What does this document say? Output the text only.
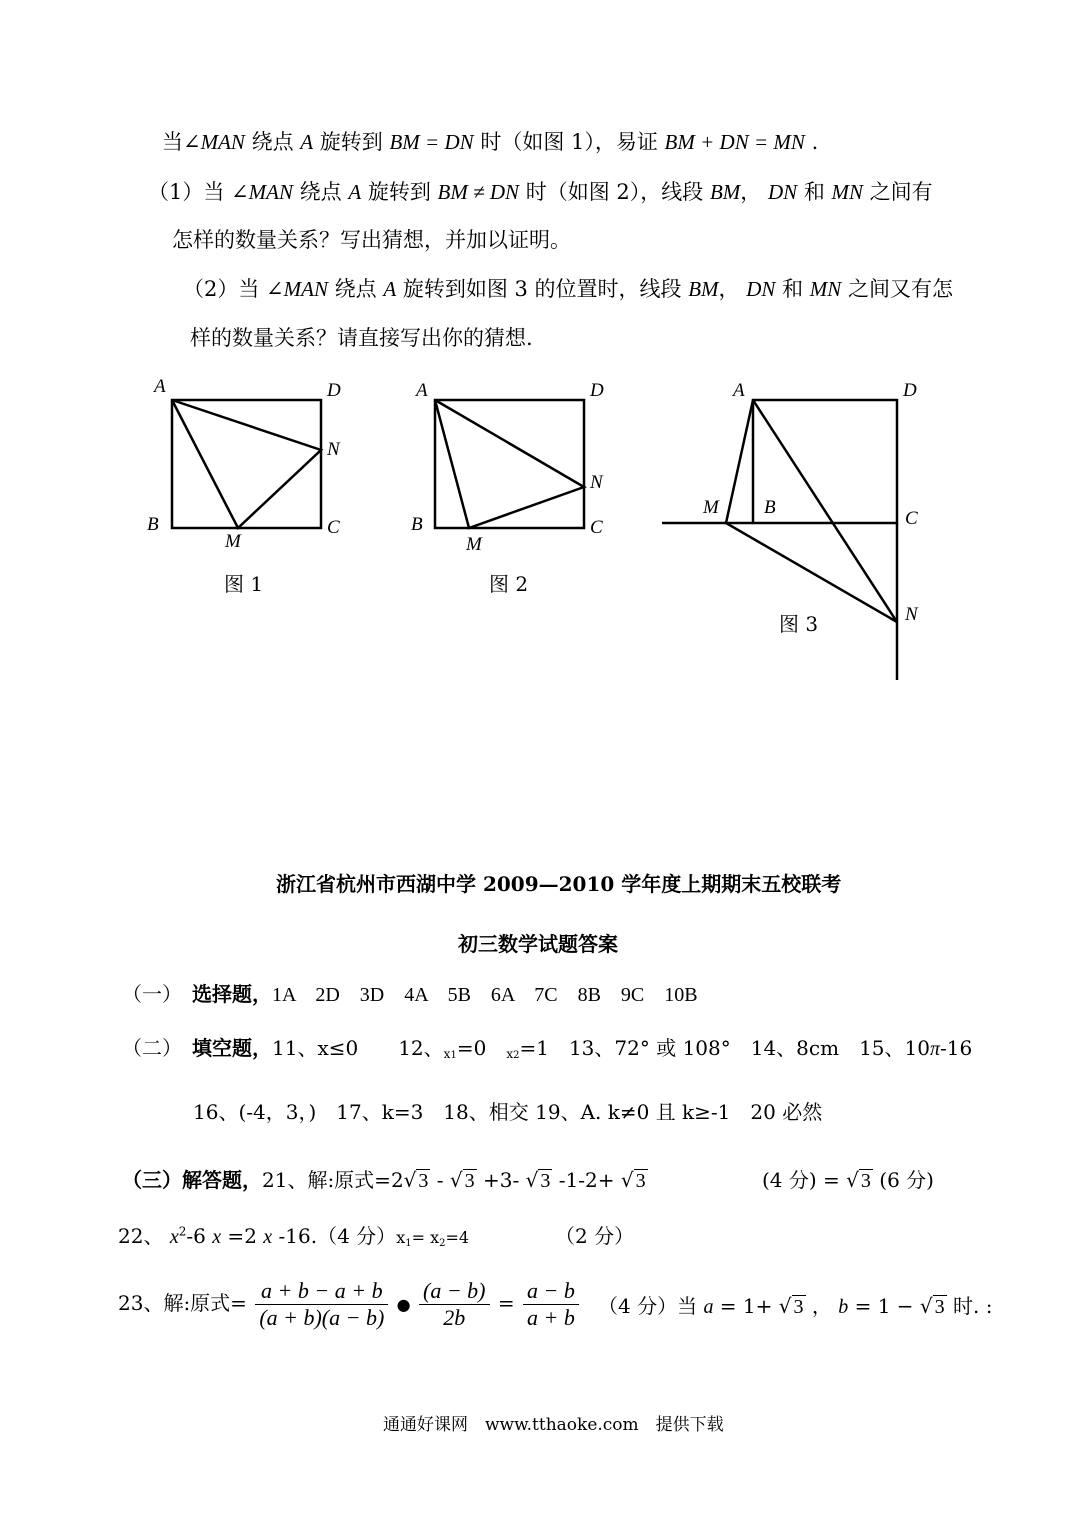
当∠MAN 绕点 A 旋转到 BM = DN 时（如图 1），易证 BM + DN = MN .
（1）当 ∠MAN 绕点 A 旋转到 BM ≠ DN 时（如图 2），线段 BM， DN 和 MN 之间有
怎样的数量关系？写出猜想，并加以证明。
（2）当 ∠MAN 绕点 A 旋转到如图 3 的位置时，线段 BM， DN 和 MN 之间又有怎
样的数量关系？请直接写出你的猜想.
A	D
N
B	C
M
A	D
N
B	C
M
A	D
M B
C
N
图 1	图 2
图 3
浙江省杭州市西湖中学 2009—2010 学年度上期期末五校联考
初三数学试题答案
（一）　 选择题，1A　2D　3D　4A　5B　6A　7C　8B　9C　10B
（二）　 填空题，11、x≤0　　12、$_{x1}$=0　$_{x2}$=1　13、72° 或 108°　14、8cm　15、10π-16
16、(-4，3，)　17、k=3　18、相交 19、A. k≠0 且 k≥-1　20 必然
（三）解答题，21、解:原式=2√ 3 - √ 3 +3- √ 3 -1-2+ √ 3	(4 分) = √ 3 (6 分)
22、 $x^2-6$ x =2 x -16.（4 分）$x_1= x_2=4$	（2 分）
23、解:原式= $\frac{a + b - a + b}{(a + b)(a - b)}$ ● $\frac{(a - b)}{2b} = \frac{a - b}{a + b} (4$ 分）当 a = 1+ √ 3 ， b = 1 − √ 3 时. :
通通好课网　www.tthaoke.com　提供下载
